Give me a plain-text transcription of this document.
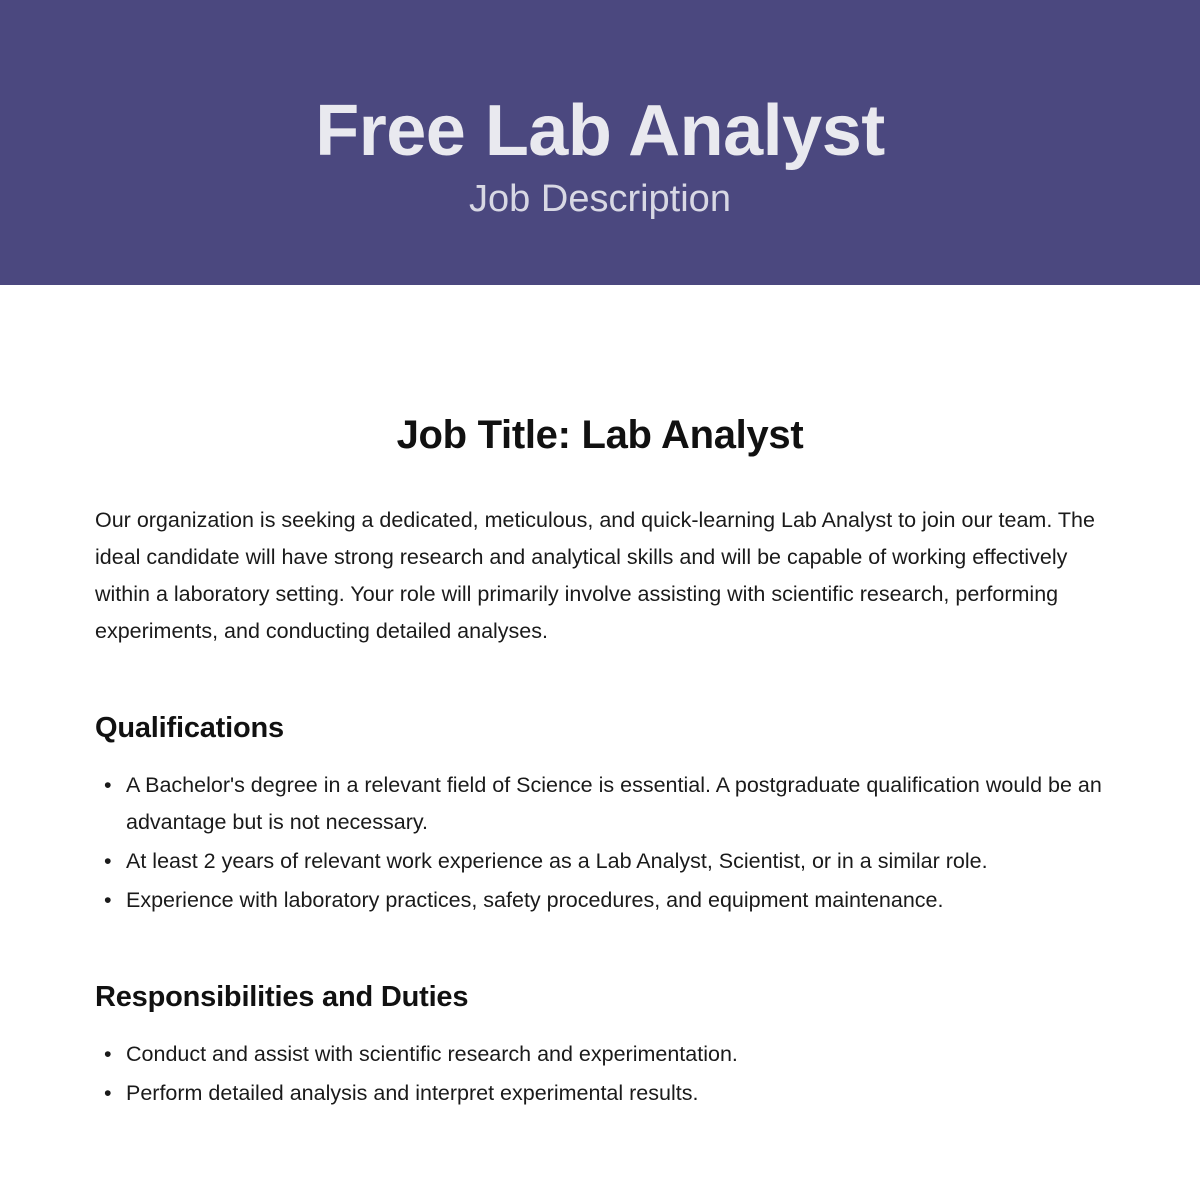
Free Lab Analyst
Job Description
Job Title: Lab Analyst

Our organization is seeking a dedicated, meticulous, and quick-learning Lab Analyst to join our team. The ideal candidate will have strong research and analytical skills and will be capable of working effectively within a laboratory setting. Your role will primarily involve assisting with scientific research, performing experiments, and conducting detailed analyses.

Qualifications
• A Bachelor's degree in a relevant field of Science is essential. A postgraduate qualification would be an advantage but is not necessary.
• At least 2 years of relevant work experience as a Lab Analyst, Scientist, or in a similar role.
• Experience with laboratory practices, safety procedures, and equipment maintenance.
Responsibilities and Duties
• Conduct and assist with scientific research and experimentation.
• Perform detailed analysis and interpret experimental results.
